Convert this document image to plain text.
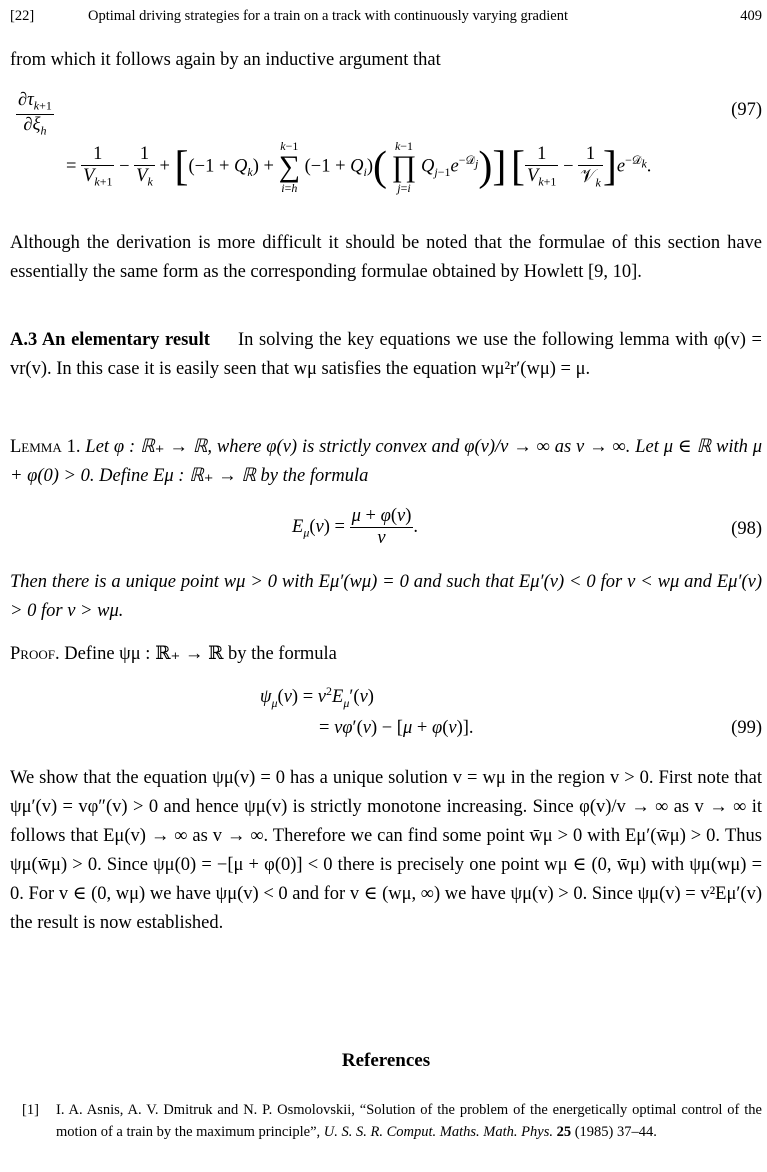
[22]	Optimal driving strategies for a train on a track with continuously varying gradient	409

from which it follows again by an inductive argument that

$\frac{\partial\tau_{k+1}}{\partial\xi_h}$	(97)
= $\frac{1}{V_{k+1}} - \frac{1}{V_k} + [(-1 + Q_k) + k-1$
∑
i=h $(-1 + Q_i)$( k−1
∏
j=i $Q_{j-1}e^{-𝒟_j}$)] [ $\frac{1}{V_{k+1}} - \frac{1}{𝒱_k} ]e^{-𝒟_k}$.

Although the derivation is more difficult it should be noted that the formulae of this section have essentially the same form as the corresponding formulae obtained by Howlett [9, 10].

A.3 An elementary result In solving the key equations we use the following lemma with φ(v) = vr(v). In this case it is easily seen that wμ satisfies the equation wμ²r′(wμ) = μ.

Lemma 1. Let φ : ℝ₊ → ℝ, where φ(v) is strictly convex and φ(v)/v → ∞ as v → ∞. Let μ ∈ ℝ with μ + φ(0) > 0. Define Eμ : ℝ₊ → ℝ by the formula

$E_\mu(v) = \frac{\mu + \varphi(v)}{v}$ .	(98)

Then there is a unique point wμ > 0 with Eμ′(wμ) = 0 and such that Eμ′(v) < 0 for v < wμ and Eμ′(v) > 0 for v > wμ.

Proof. Define ψμ : ℝ₊ → ℝ by the formula

$\psi_\mu(v) = v^2E_\mu'(v)$
= vφ′(v) − [μ + φ(v)].	(99)

We show that the equation ψμ(v) = 0 has a unique solution v = wμ in the region v > 0. First note that ψμ′(v) = vφ″(v) > 0 and hence ψμ(v) is strictly monotone increasing. Since φ(v)/v → ∞ as v → ∞ it follows that Eμ(v) → ∞ as v → ∞. Therefore we can find some point w̄μ > 0 with Eμ′(w̄μ) > 0. Thus ψμ(w̄μ) > 0. Since ψμ(0) = −[μ + φ(0)] < 0 there is precisely one point wμ ∈ (0, w̄μ) with ψμ(wμ) = 0. For v ∈ (0, wμ) we have ψμ(v) < 0 and for v ∈ (wμ, ∞) we have ψμ(v) > 0. Since ψμ(v) = v²Eμ′(v) the result is now established.

References
[1] I. A. Asnis, A. V. Dmitruk and N. P. Osmolovskii, “Solution of the problem of the energetically optimal control of the motion of a train by the maximum principle”, U. S. S. R. Comput. Maths. Math. Phys. 25 (1985) 37–44.
